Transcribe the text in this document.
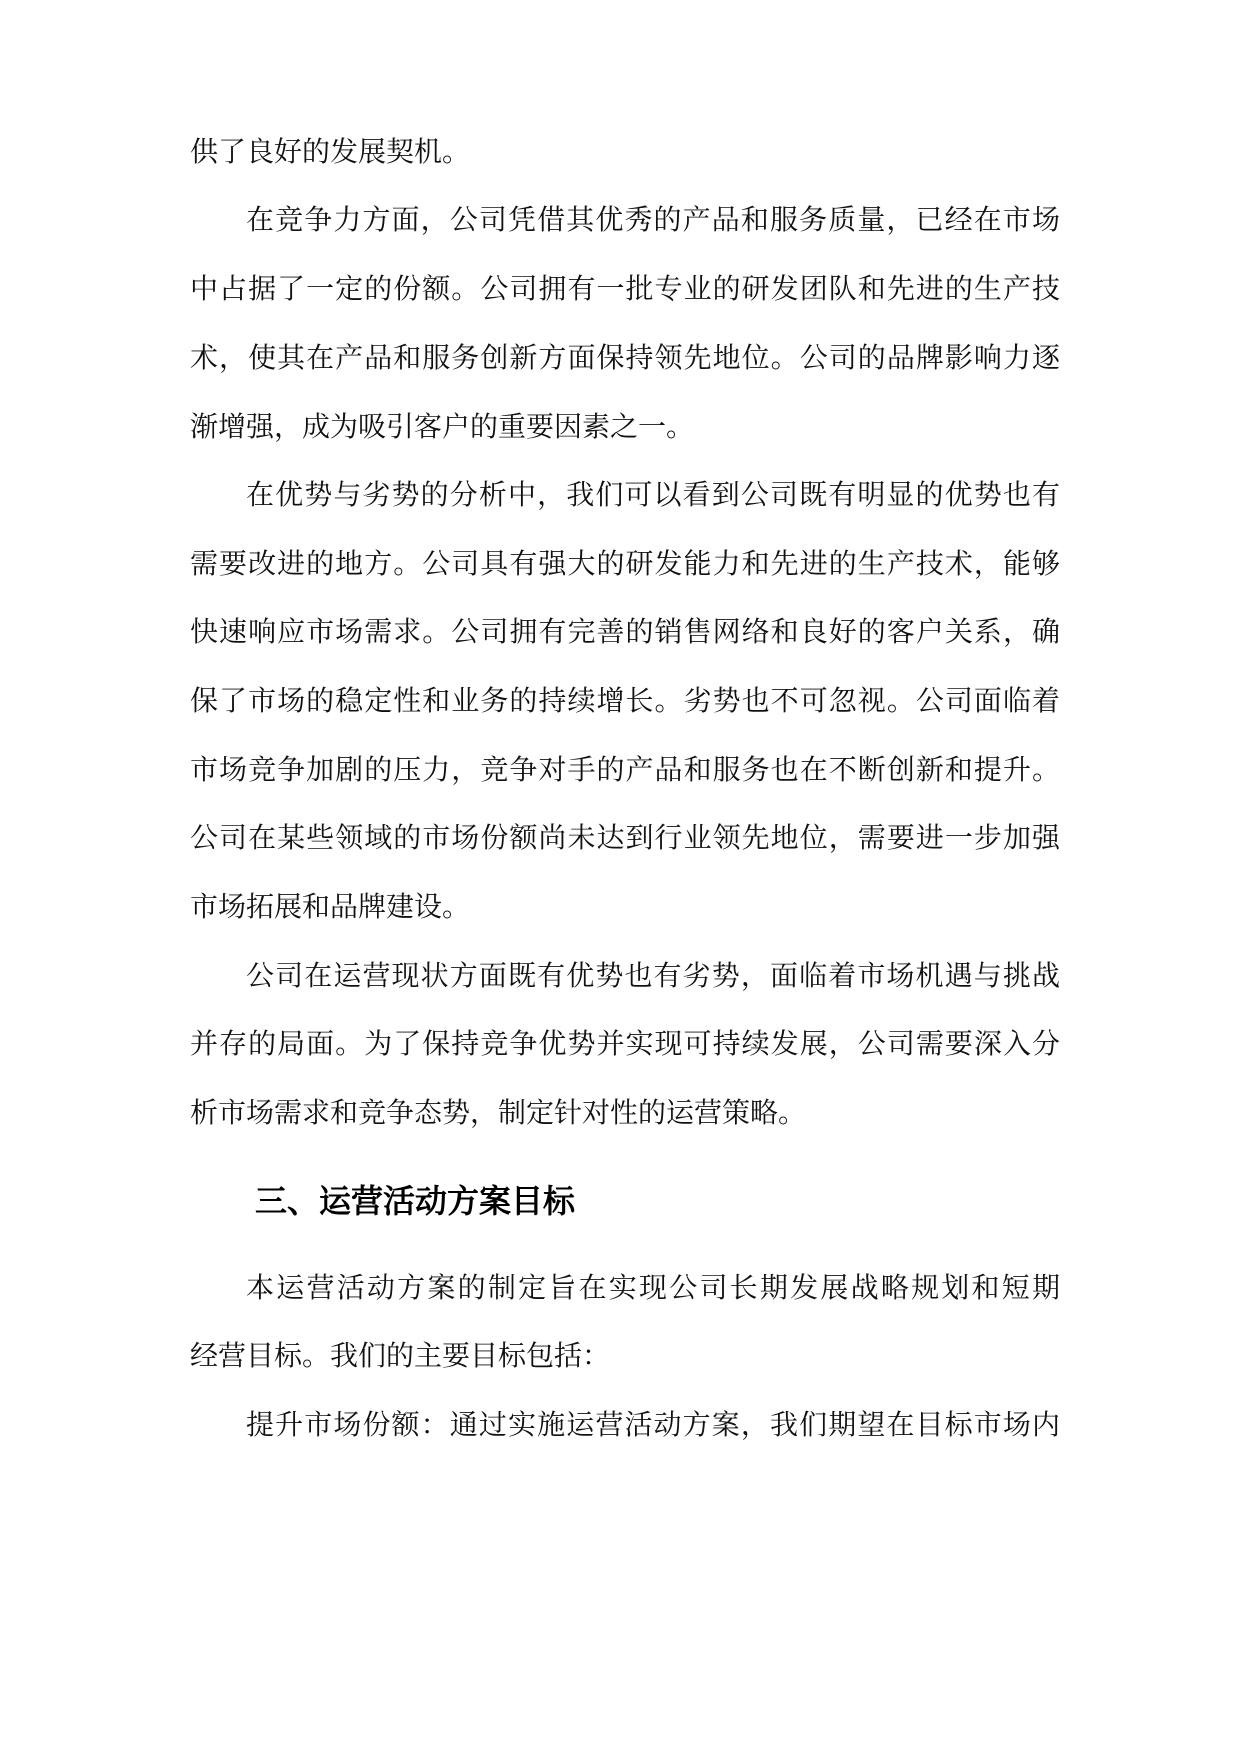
供了良好的发展契机。
在竞争力方面，公司凭借其优秀的产品和服务质量，已经在市场
中占据了一定的份额。公司拥有一批专业的研发团队和先进的生产技
术，使其在产品和服务创新方面保持领先地位。公司的品牌影响力逐
渐增强，成为吸引客户的重要因素之一。
在优势与劣势的分析中，我们可以看到公司既有明显的优势也有
需要改进的地方。公司具有强大的研发能力和先进的生产技术，能够
快速响应市场需求。公司拥有完善的销售网络和良好的客户关系，确
保了市场的稳定性和业务的持续增长。劣势也不可忽视。公司面临着
市场竞争加剧的压力，竞争对手的产品和服务也在不断创新和提升。
公司在某些领域的市场份额尚未达到行业领先地位，需要进一步加强
市场拓展和品牌建设。
公司在运营现状方面既有优势也有劣势，面临着市场机遇与挑战
并存的局面。为了保持竞争优势并实现可持续发展，公司需要深入分
析市场需求和竞争态势，制定针对性的运营策略。
三、运营活动方案目标
本运营活动方案的制定旨在实现公司长期发展战略规划和短期
经营目标。我们的主要目标包括：
提升市场份额：通过实施运营活动方案，我们期望在目标市场内
